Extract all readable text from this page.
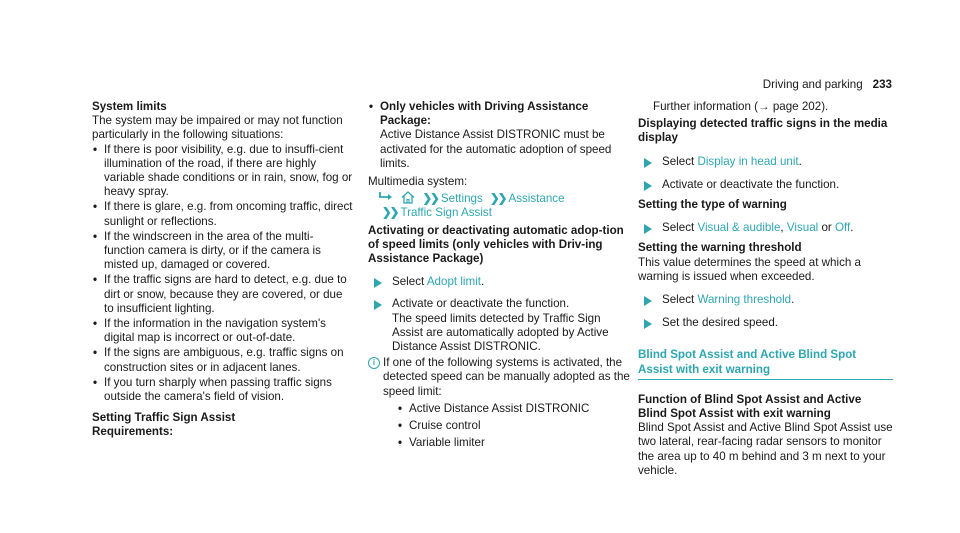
Driving and parking 233

System limits

The system may be impaired or may not function particularly in the following situations:

• If there is poor visibility, e.g. due to insuffi-cient illumination of the road, if there are highly variable shade conditions or in rain, snow, fog or heavy spray.
• If there is glare, e.g. from oncoming traffic, direct sunlight or reflections.
• If the windscreen in the area of the multi-function camera is dirty, or if the camera is misted up, damaged or covered.
• If the traffic signs are hard to detect, e.g. due to dirt or snow, because they are covered, or due to insufficient lighting.
• If the information in the navigation system's digital map is incorrect or out-of-date.
• If the signs are ambiguous, e.g. traffic signs on construction sites or in adjacent lanes.
• If you turn sharply when passing traffic signs outside the camera's field of vision.

Setting Traffic Sign Assist

Requirements:

• Only vehicles with Driving Assistance Package:
Active Distance Assist DISTRONIC must be activated for the automatic adoption of speed limits.

Multimedia system:

❯❯ Settings ❯❯ Assistance
❯❯ Traffic Sign Assist

Activating or deactivating automatic adop-tion of speed limits (only vehicles with Driv-ing Assistance Package)

Select Adopt limit.
Activate or deactivate the function.
The speed limits detected by Traffic Sign Assist are automatically adopted by Active Distance Assist DISTRONIC.
i If one of the following systems is activated, the detected speed can be manually adopted as the speed limit:
• Active Distance Assist DISTRONIC
• Cruise control
• Variable limiter

Further information (→ page 202).

Displaying detected traffic signs in the media display

Select Display in head unit.
Activate or deactivate the function.

Setting the type of warning

Select Visual & audible, Visual or Off.

Setting the warning threshold

This value determines the speed at which a warning is issued when exceeded.

Select Warning threshold.
Set the desired speed.
Blind Spot Assist and Active Blind Spot Assist with exit warning

Function of Blind Spot Assist and Active Blind Spot Assist with exit warning

Blind Spot Assist and Active Blind Spot Assist use two lateral, rear-facing radar sensors to monitor the area up to 40 m behind and 3 m next to your vehicle.
